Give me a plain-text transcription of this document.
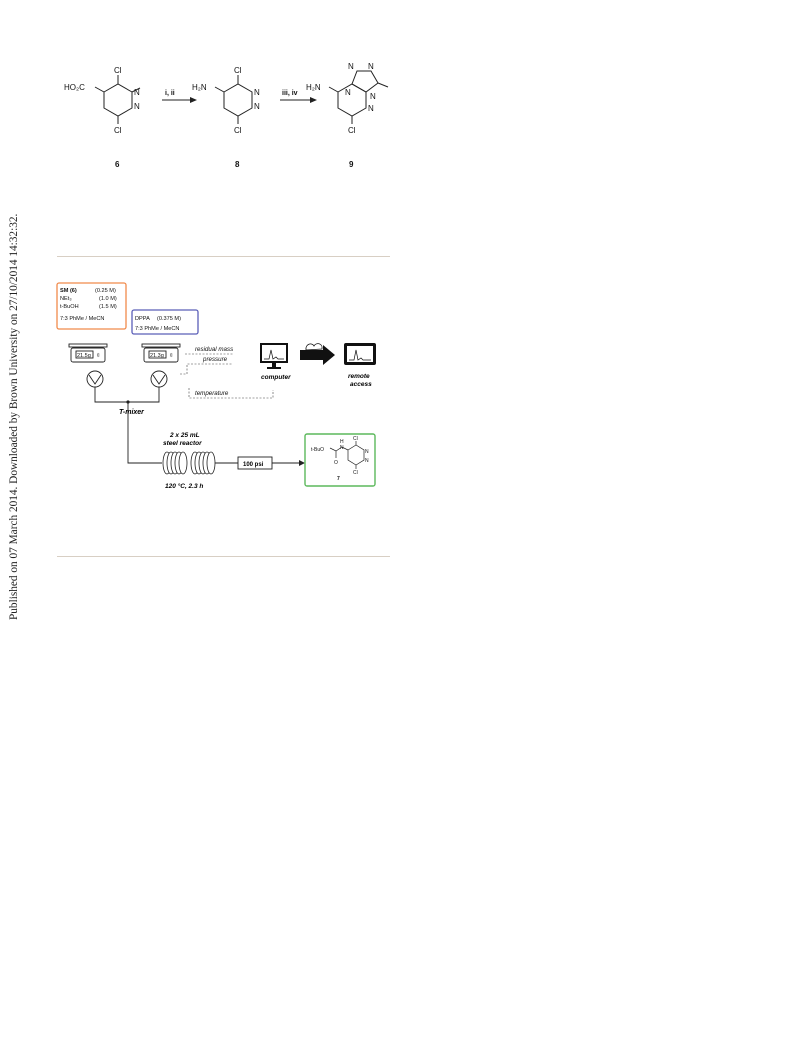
Published on 07 March 2014. Downloaded by Brown University on 27/10/2014 14:32:32.
HO₂C
Cl
Cl
N
N
6
i, ii
H₂N
Cl
Cl
N
N
8
iii, iv
H₂N
N N
N
N
N
Cl
9
SM (6)	(0.25 M)
NEt₃	(1.0 M)
t-BuOH	(1.5 M)
7:3 PhMe / MeCN	DPPA (0.375 M)
7:3 PhMe / MeCN
21.5g	21.3g
⇳	⇳
T-mixer
2 x 25 mL
steel reactor
120 °C, 2.3 h
100 psi
residual mass
pressure
temperature
computer	remote
access
t-BuO
H
N
O
Cl
N
N
Cl
7
